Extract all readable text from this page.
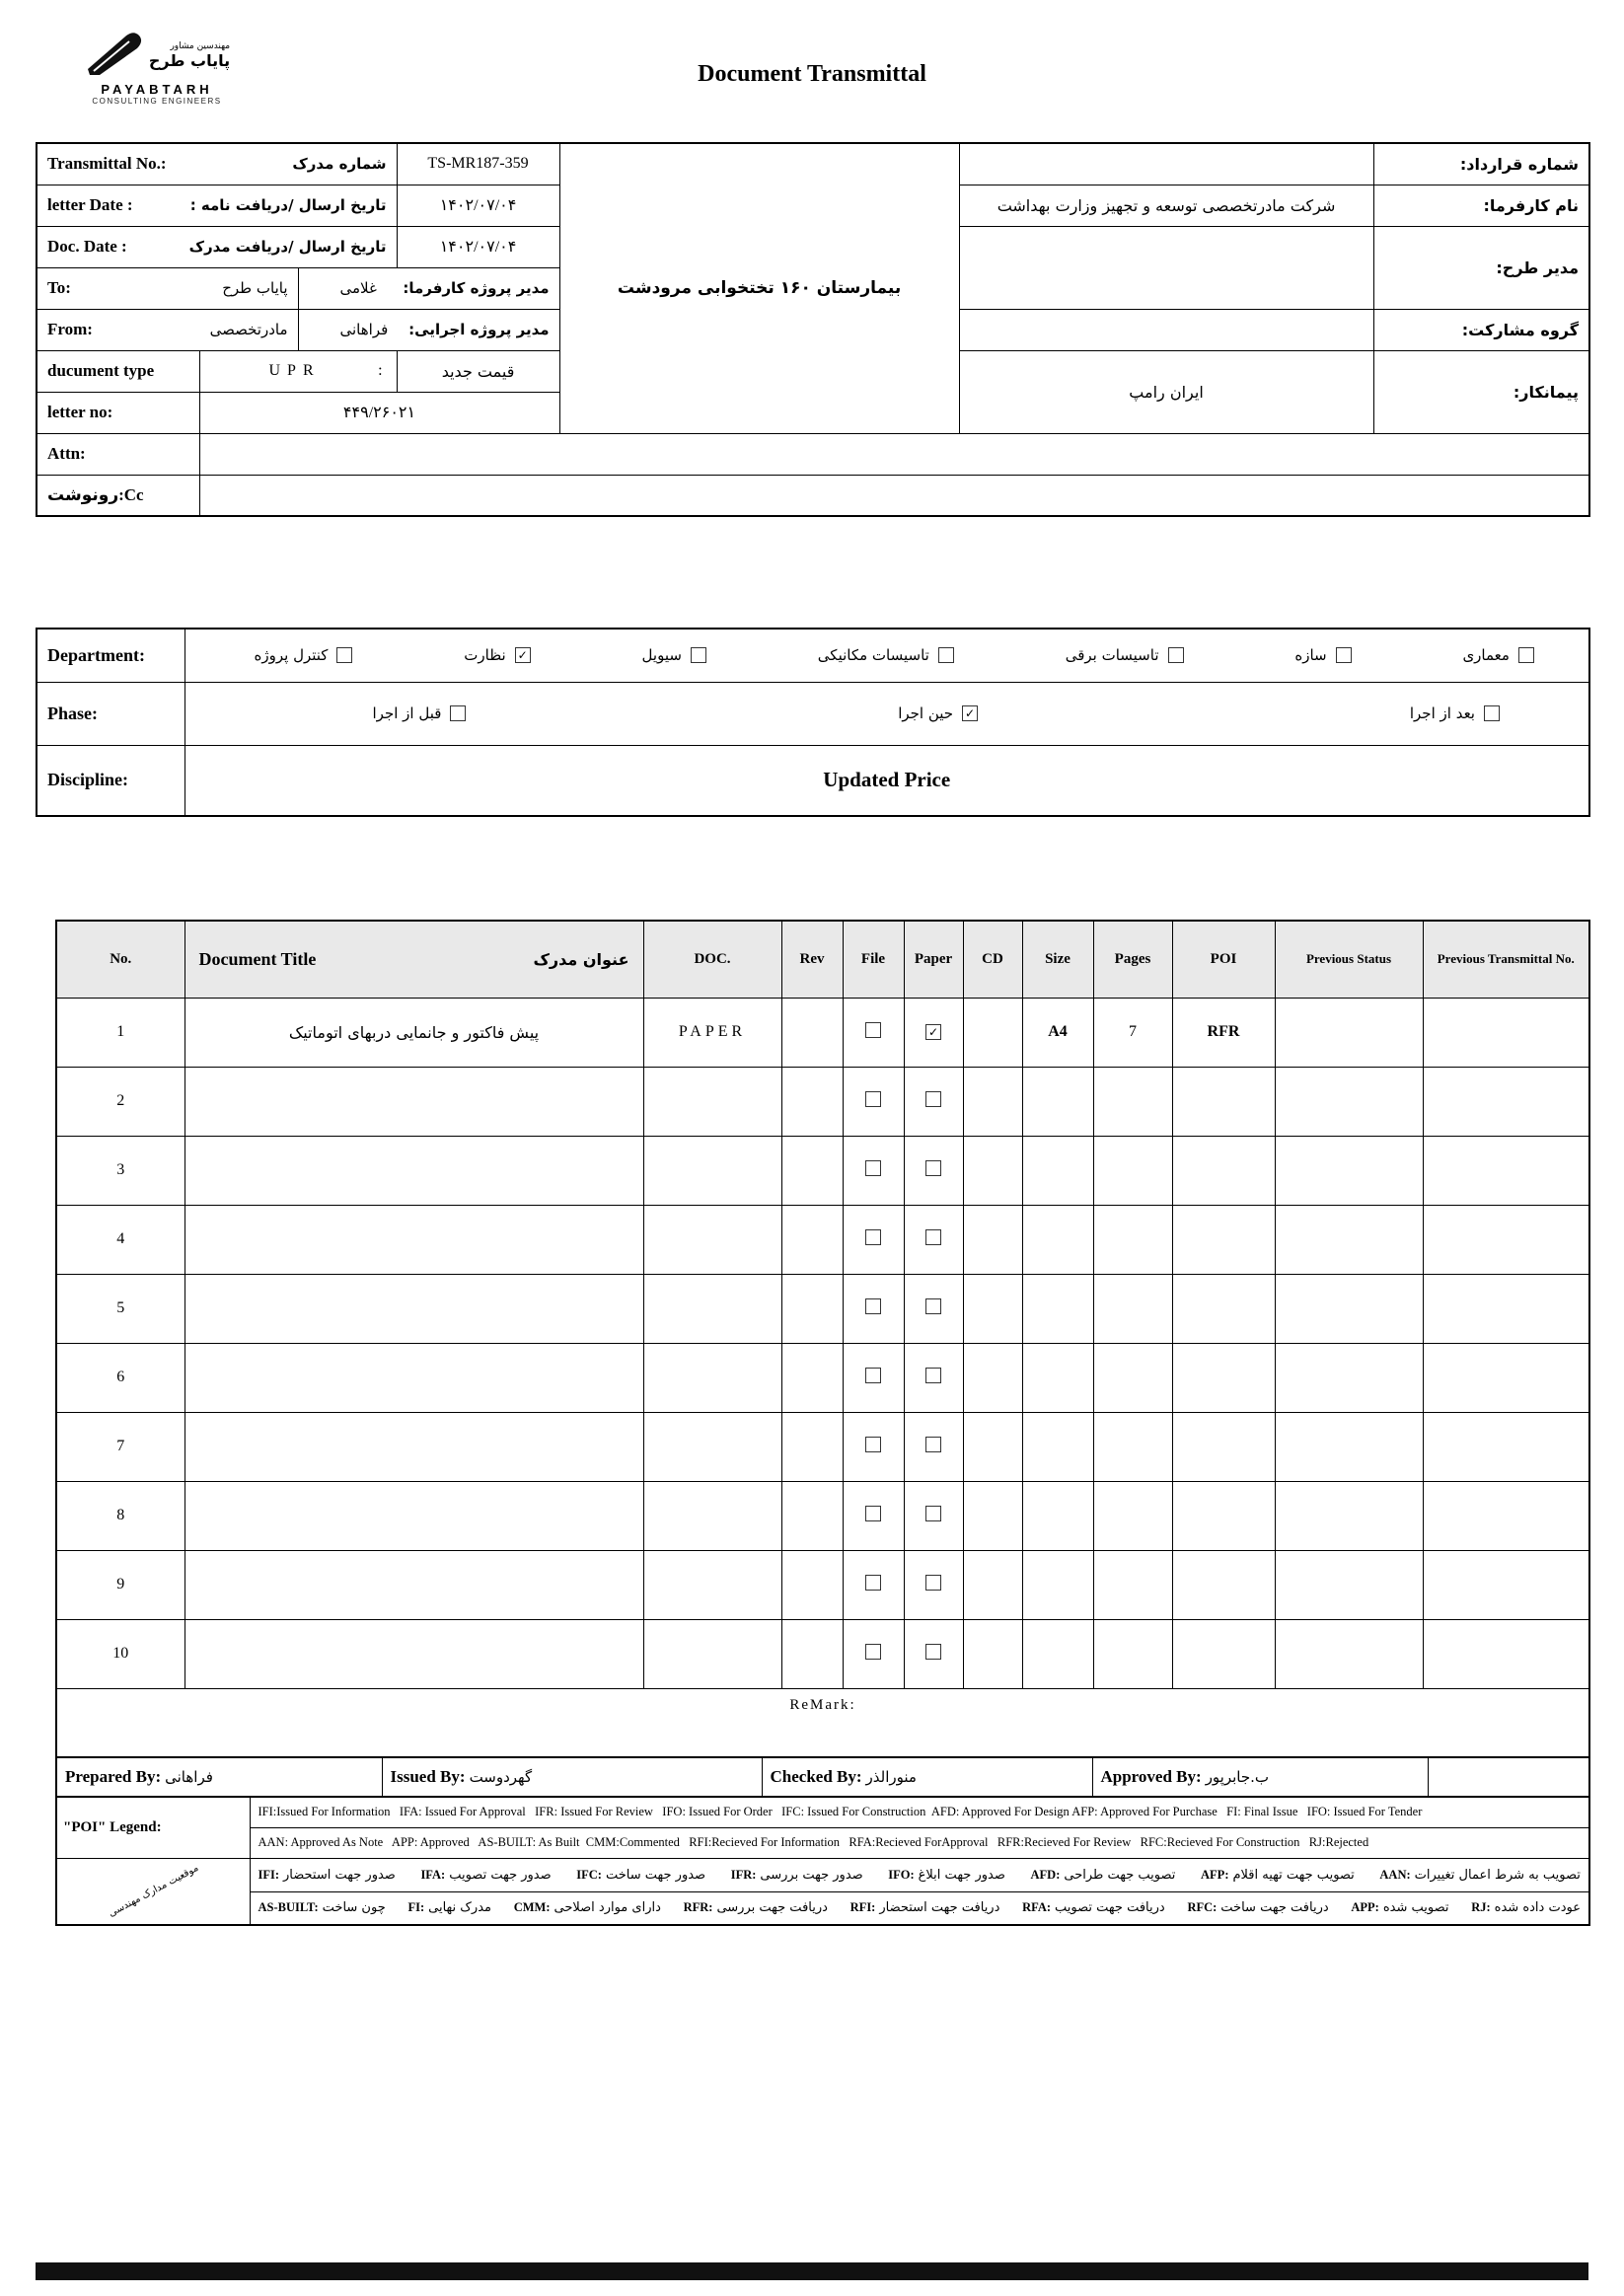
مهندسین مشاور
پایاب طرح
PAYABTARH
CONSULTING ENGINEERS
Document Transmittal
Transmittal No.: شماره مدرک			TS-MR187-359	بیمارستان ۱۶۰ تختخوابی مرودشت		شماره قرارداد:

letter Date : تاریخ ارسال /دریافت نامه :			۱۴۰۲/۰۷/۰۴		شرکت مادرتخصصی توسعه و تجهیز وزارت بهداشت	نام کارفرما:

Doc. Date : تاریخ ارسال /دریافت مدرک			۱۴۰۲/۰۷/۰۴			مدیر طرح:

To: پایاب طرح		غلامی مدیر پروژه کارفرما:				

From: مادرتخصصی		فراهانی مدیر پروژه اجرایی:				گروه مشارکت:
ducument type	UPR :		قیمت جدید		ایران رامپ	پیمانکار:
letter no:	۴۴۹/۲۶۰۲۱					
Attn:						
رونوشت:Cc						
Department:	کنترل پروژه	نظارت ✓	سیویل	تاسیسات مکانیکی	تاسیسات برقی	سازه	معماری

Phase:	قبل از اجرا حین اجرا ✓ بعد از اجرا

Discipline:	Updated Price
No.	Document Title عنوان مدرک	DOC.	Rev	File	Paper	CD	Size	Pages	POI	Previous Status	Previous Transmittal No.
1	پیش فاکتور و جانمایی دربهای اتوماتیک	PAPER			✓		A4	7	RFR		
2											
3											
4											
5											
6											
7											
8											
9											
10											
ReMark:											
Prepared By: فراهانی	Issued By: گهردوست	Checked By: منورالذر	Approved By: ب.جابرپور	
"POI" Legend:	IFI:Issued For Information   IFA: Issued For Approval   IFR: Issued For Review   IFO: Issued For Order   IFC: Issued For Construction  AFD: Approved For Design AFP: Approved For Purchase   FI: Final Issue   IFO: Issued For Tender
	AAN: Approved As Note   APP: Approved   AS-BUILT: As Built  CMM:Commented   RFI:Recieved For Information   RFA:Recieved ForApproval   RFR:Recieved For Review   RFC:Recieved For Construction   RJ:Rejected
موقعیت مدارک مهندسی	IFI: صدور جهت استحضار IFA: صدور جهت تصویب IFC: صدور جهت ساخت IFR: صدور جهت بررسی IFO: صدور جهت ابلاغ AFD: تصویب جهت طراحی AFP: تصویب جهت تهیه اقلام AAN: تصویب به شرط اعمال تغییرات

AS-BUILT: چون ساخت FI: مدرک نهایی CMM: دارای موارد اصلاحی RFR: دریافت جهت بررسی RFI: دریافت جهت استحضار RFA: دریافت جهت تصویب RFC: دریافت جهت ساخت APP: تصویب شده RJ: عودت داده شده
